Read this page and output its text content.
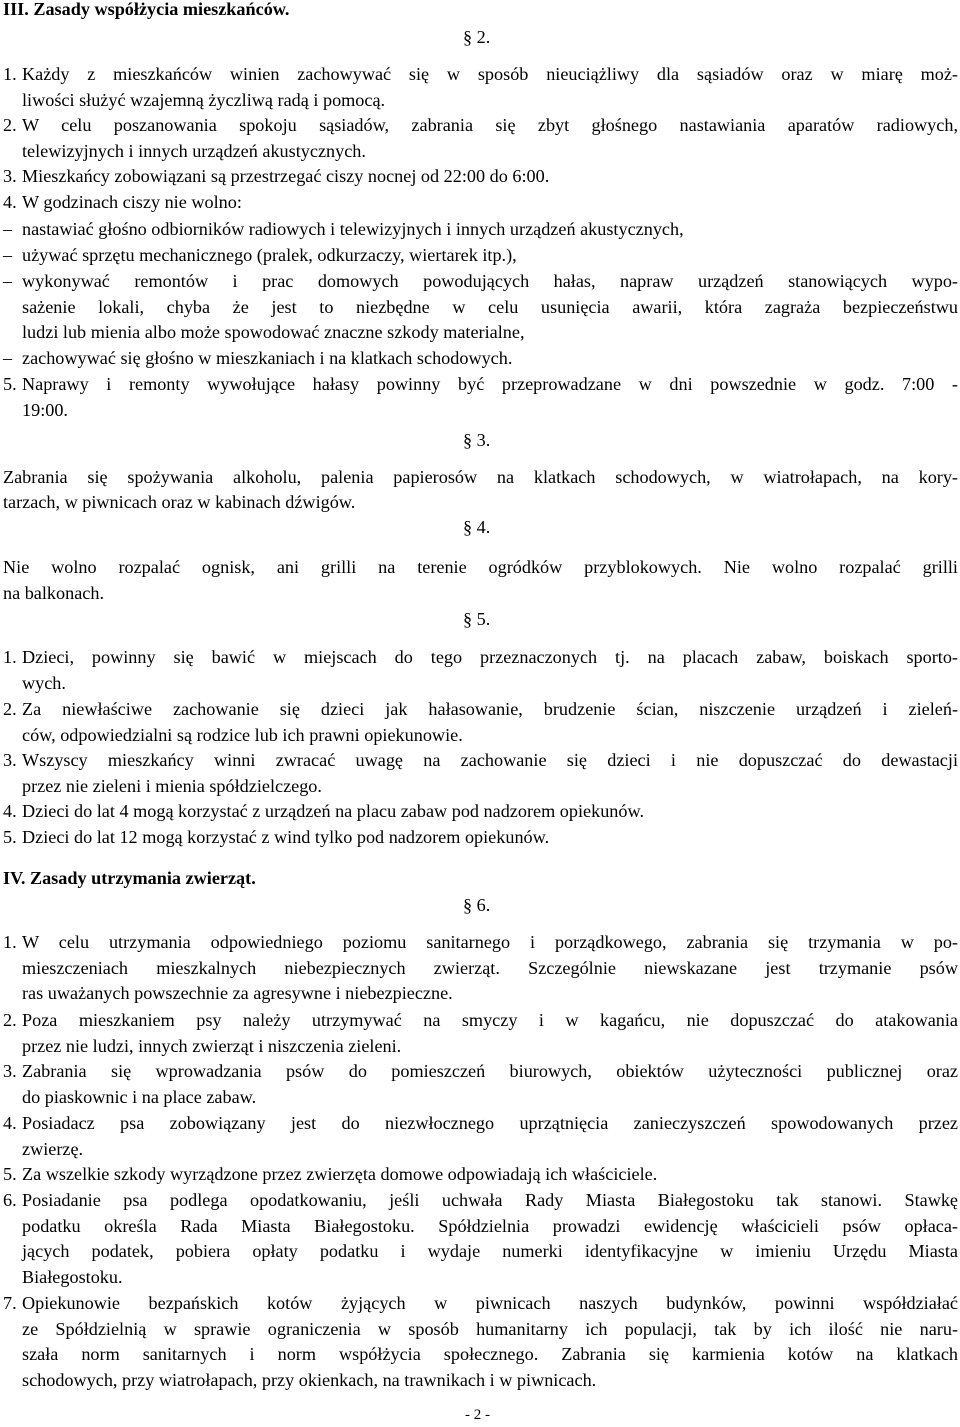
III. Zasady współżycia mieszkańców.
§ 2.
1. Każdy z mieszkańców winien zachowywać się w sposób nieuciążliwy dla sąsiadów oraz w miarę moż-
liwości służyć wzajemną życzliwą radą i pomocą.
2. W celu poszanowania spokoju sąsiadów, zabrania się zbyt głośnego nastawiania aparatów radiowych,
telewizyjnych i innych urządzeń akustycznych.
3. Mieszkańcy zobowiązani są przestrzegać ciszy nocnej od 22:00 do 6:00.
4. W godzinach ciszy nie wolno:
– nastawiać głośno odbiorników radiowych i telewizyjnych i innych urządzeń akustycznych,
– używać sprzętu mechanicznego (pralek, odkurzaczy, wiertarek itp.),
– wykonywać remontów i prac domowych powodujących hałas, napraw urządzeń stanowiących wypo-
sażenie lokali, chyba że jest to niezbędne w celu usunięcia awarii, która zagraża bezpieczeństwu
ludzi lub mienia albo może spowodować znaczne szkody materialne,
– zachowywać się głośno w mieszkaniach i na klatkach schodowych.
5. Naprawy i remonty wywołujące hałasy powinny być przeprowadzane w dni powszednie w godz. 7:00 -
19:00.
§ 3.
Zabrania się spożywania alkoholu, palenia papierosów na klatkach schodowych, w wiatrołapach, na kory-
tarzach, w piwnicach oraz w kabinach dźwigów.
§ 4.
Nie wolno rozpalać ognisk, ani grilli na terenie ogródków przyblokowych. Nie wolno rozpalać grilli
na balkonach.
§ 5.
1. Dzieci, powinny się bawić w miejscach do tego przeznaczonych tj. na placach zabaw, boiskach sporto-
wych.
2. Za niewłaściwe zachowanie się dzieci jak hałasowanie, brudzenie ścian, niszczenie urządzeń i zieleń-
ców, odpowiedzialni są rodzice lub ich prawni opiekunowie.
3. Wszyscy mieszkańcy winni zwracać uwagę na zachowanie się dzieci i nie dopuszczać do dewastacji
przez nie zieleni i mienia spółdzielczego.
4. Dzieci do lat 4 mogą korzystać z urządzeń na placu zabaw pod nadzorem opiekunów.
5. Dzieci do lat 12 mogą korzystać z wind tylko pod nadzorem opiekunów.
IV. Zasady utrzymania zwierząt.
§ 6.
1. W celu utrzymania odpowiedniego poziomu sanitarnego i porządkowego, zabrania się trzymania w po-
mieszczeniach mieszkalnych niebezpiecznych zwierząt. Szczególnie niewskazane jest trzymanie psów
ras uważanych powszechnie za agresywne i niebezpieczne.
2. Poza mieszkaniem psy należy utrzymywać na smyczy i w kagańcu, nie dopuszczać do atakowania
przez nie ludzi, innych zwierząt i niszczenia zieleni.
3. Zabrania się wprowadzania psów do pomieszczeń biurowych, obiektów użyteczności publicznej oraz
do piaskownic i na place zabaw.
4. Posiadacz psa zobowiązany jest do niezwłocznego uprzątnięcia zanieczyszczeń spowodowanych przez
zwierzę.
5. Za wszelkie szkody wyrządzone przez zwierzęta domowe odpowiadają ich właściciele.
6. Posiadanie psa podlega opodatkowaniu, jeśli uchwała Rady Miasta Białegostoku tak stanowi. Stawkę
podatku określa Rada Miasta Białegostoku. Spółdzielnia prowadzi ewidencję właścicieli psów opłaca-
jących podatek, pobiera opłaty podatku i wydaje numerki identyfikacyjne w imieniu Urzędu Miasta
Białegostoku.
7. Opiekunowie bezpańskich kotów żyjących w piwnicach naszych budynków, powinni współdziałać
ze Spółdzielnią w sprawie ograniczenia w sposób humanitarny ich populacji, tak by ich ilość nie naru-
szała norm sanitarnych i norm współżycia społecznego. Zabrania się karmienia kotów na klatkach
schodowych, przy wiatrołapach, przy okienkach, na trawnikach i w piwnicach.
- 2 -
